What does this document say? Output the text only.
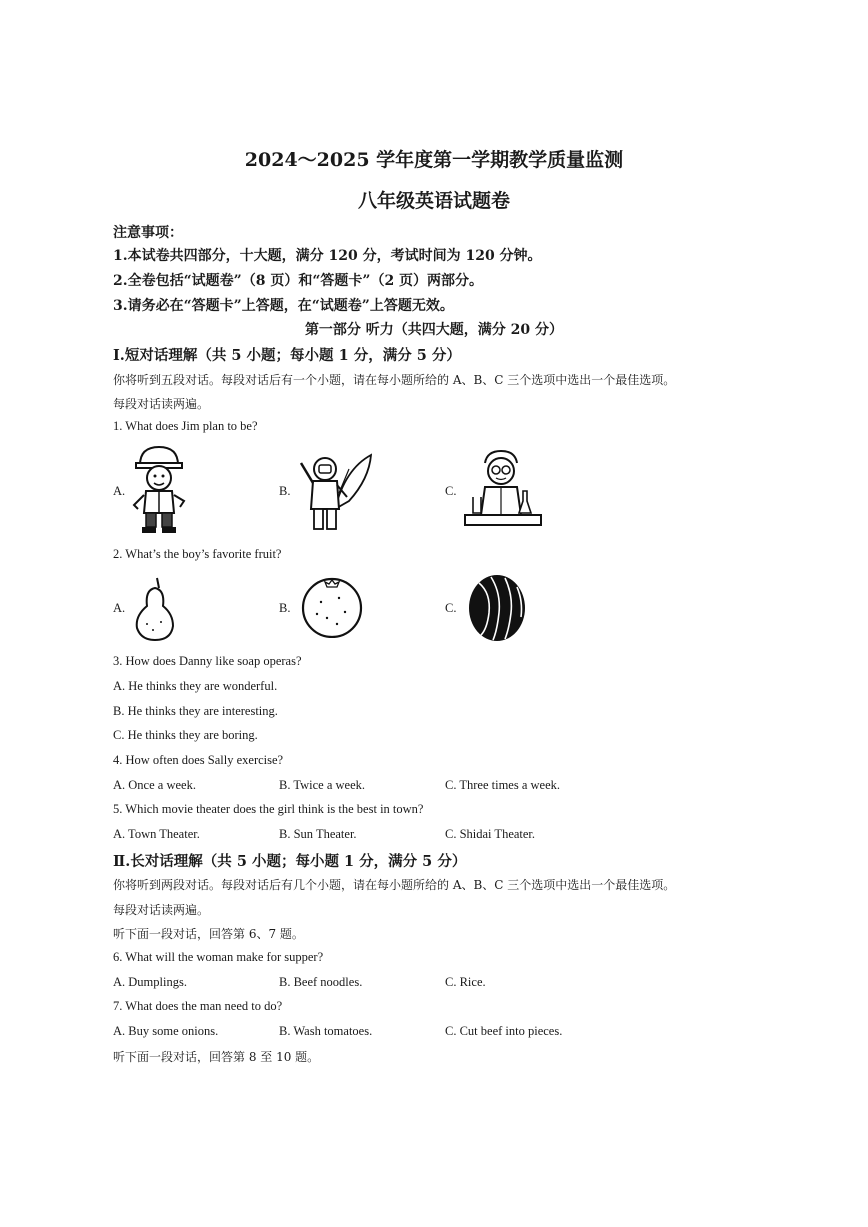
2024～2025 学年度第一学期教学质量监测
八年级英语试题卷
注意事项：
1.本试卷共四部分，十大题，满分 120 分，考试时间为 120 分钟。
2.全卷包括“试题卷”（8 页）和“答题卡”（2 页）两部分。
3.请务必在“答题卡”上答题，在“试题卷”上答题无效。
第一部分 听力（共四大题，满分 20 分）
Ⅰ.短对话理解（共 5 小题；每小题 1 分，满分 5 分）
你将听到五段对话。每段对话后有一个小题，请在每小题所给的 A、B、C 三个选项中选出一个最佳选项。
每段对话读两遍。
1. What does Jim plan to be?
A.	B.	C.
2. What’s the boy’s favorite fruit?
A.	B.	C.
3. How does Danny like soap operas?
A. He thinks they are wonderful.
B. He thinks they are interesting.
C. He thinks they are boring.
4. How often does Sally exercise?
A. Once a week.	B. Twice a week.	C. Three times a week.
5. Which movie theater does the girl think is the best in town?
A. Town Theater.	B. Sun Theater.	C. Shidai Theater.
Ⅱ.长对话理解（共 5 小题；每小题 1 分，满分 5 分）
你将听到两段对话。每段对话后有几个小题，请在每小题所给的 A、B、C 三个选项中选出一个最佳选项。
每段对话读两遍。
听下面一段对话，回答第 6、7 题。
6. What will the woman make for supper?
A. Dumplings.	B. Beef noodles.	C. Rice.
7. What does the man need to do?
A. Buy some onions.	B. Wash tomatoes.	C. Cut beef into pieces.
听下面一段对话，回答第 8 至 10 题。
